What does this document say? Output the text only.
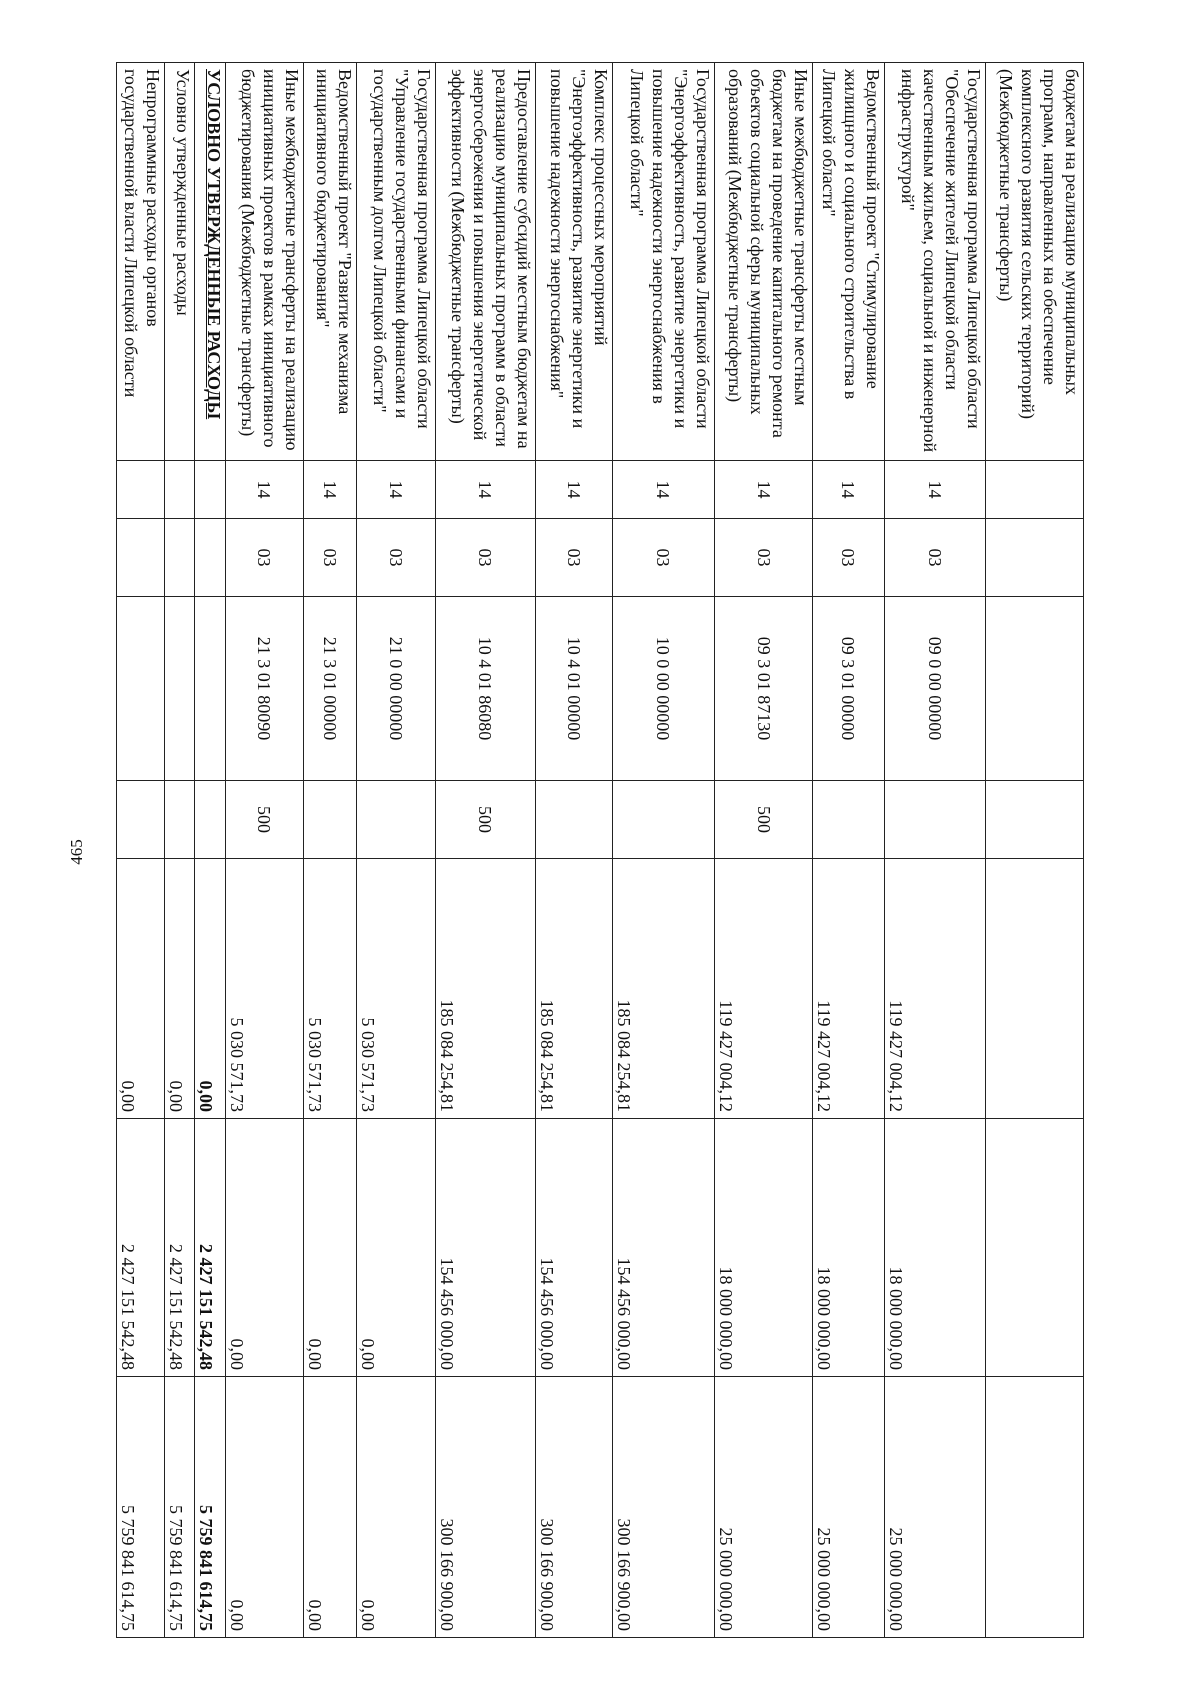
465
бюджетам на реализацию муниципальных программ, направленных на обеспечение комплексного развития сельских территорий) (Межбюджетные трансферты)							
Государственная программа Липецкой области "Обеспечение жителей Липецкой области качественным жильем, социальной и инженерной инфраструктурой"	14	03	09 0 00 00000		119 427 004,12	18 000 000,00	25 000 000,00
Ведомственный проект "Стимулирование жилищного и социального строительства в Липецкой области"	14	03	09 3 01 00000		119 427 004,12	18 000 000,00	25 000 000,00
Иные межбюджетные трансферты местным бюджетам на проведение капитального ремонта объектов социальной сферы муниципальных образований (Межбюджетные трансферты)	14	03	09 3 01 87130	500	119 427 004,12	18 000 000,00	25 000 000,00
Государственная программа Липецкой области "Энергоэффективность, развитие энергетики и повышение надежности энергоснабжения в Липецкой области"	14	03	10 0 00 00000		185 084 254,81	154 456 000,00	300 166 900,00
Комплекс процессных мероприятий "Энергоэффективность, развитие энергетики и повышение надежности энергоснабжения"	14	03	10 4 01 00000		185 084 254,81	154 456 000,00	300 166 900,00
Предоставление субсидий местным бюджетам на реализацию муниципальных программ в области энергосбережения и повышения энергетической эффективности (Межбюджетные трансферты)	14	03	10 4 01 86080	500	185 084 254,81	154 456 000,00	300 166 900,00
Государственная программа Липецкой области "Управление государственными финансами и государственным долгом Липецкой области"	14	03	21 0 00 00000		5 030 571,73	0,00	0,00
Ведомственный проект "Развитие механизма инициативного бюджетирования"	14	03	21 3 01 00000		5 030 571,73	0,00	0,00
Иные межбюджетные трансферты на реализацию инициативных проектов в рамках инициативного бюджетирования (Межбюджетные трансферты)	14	03	21 3 01 80090	500	5 030 571,73	0,00	0,00
УСЛОВНО УТВЕРЖДЕННЫЕ РАСХОДЫ					0,00	2 427 151 542,48	5 759 841 614,75
Условно утвержденные расходы					0,00	2 427 151 542,48	5 759 841 614,75
Непрограммные расходы органов государственной власти Липецкой области					0,00	2 427 151 542,48	5 759 841 614,75
